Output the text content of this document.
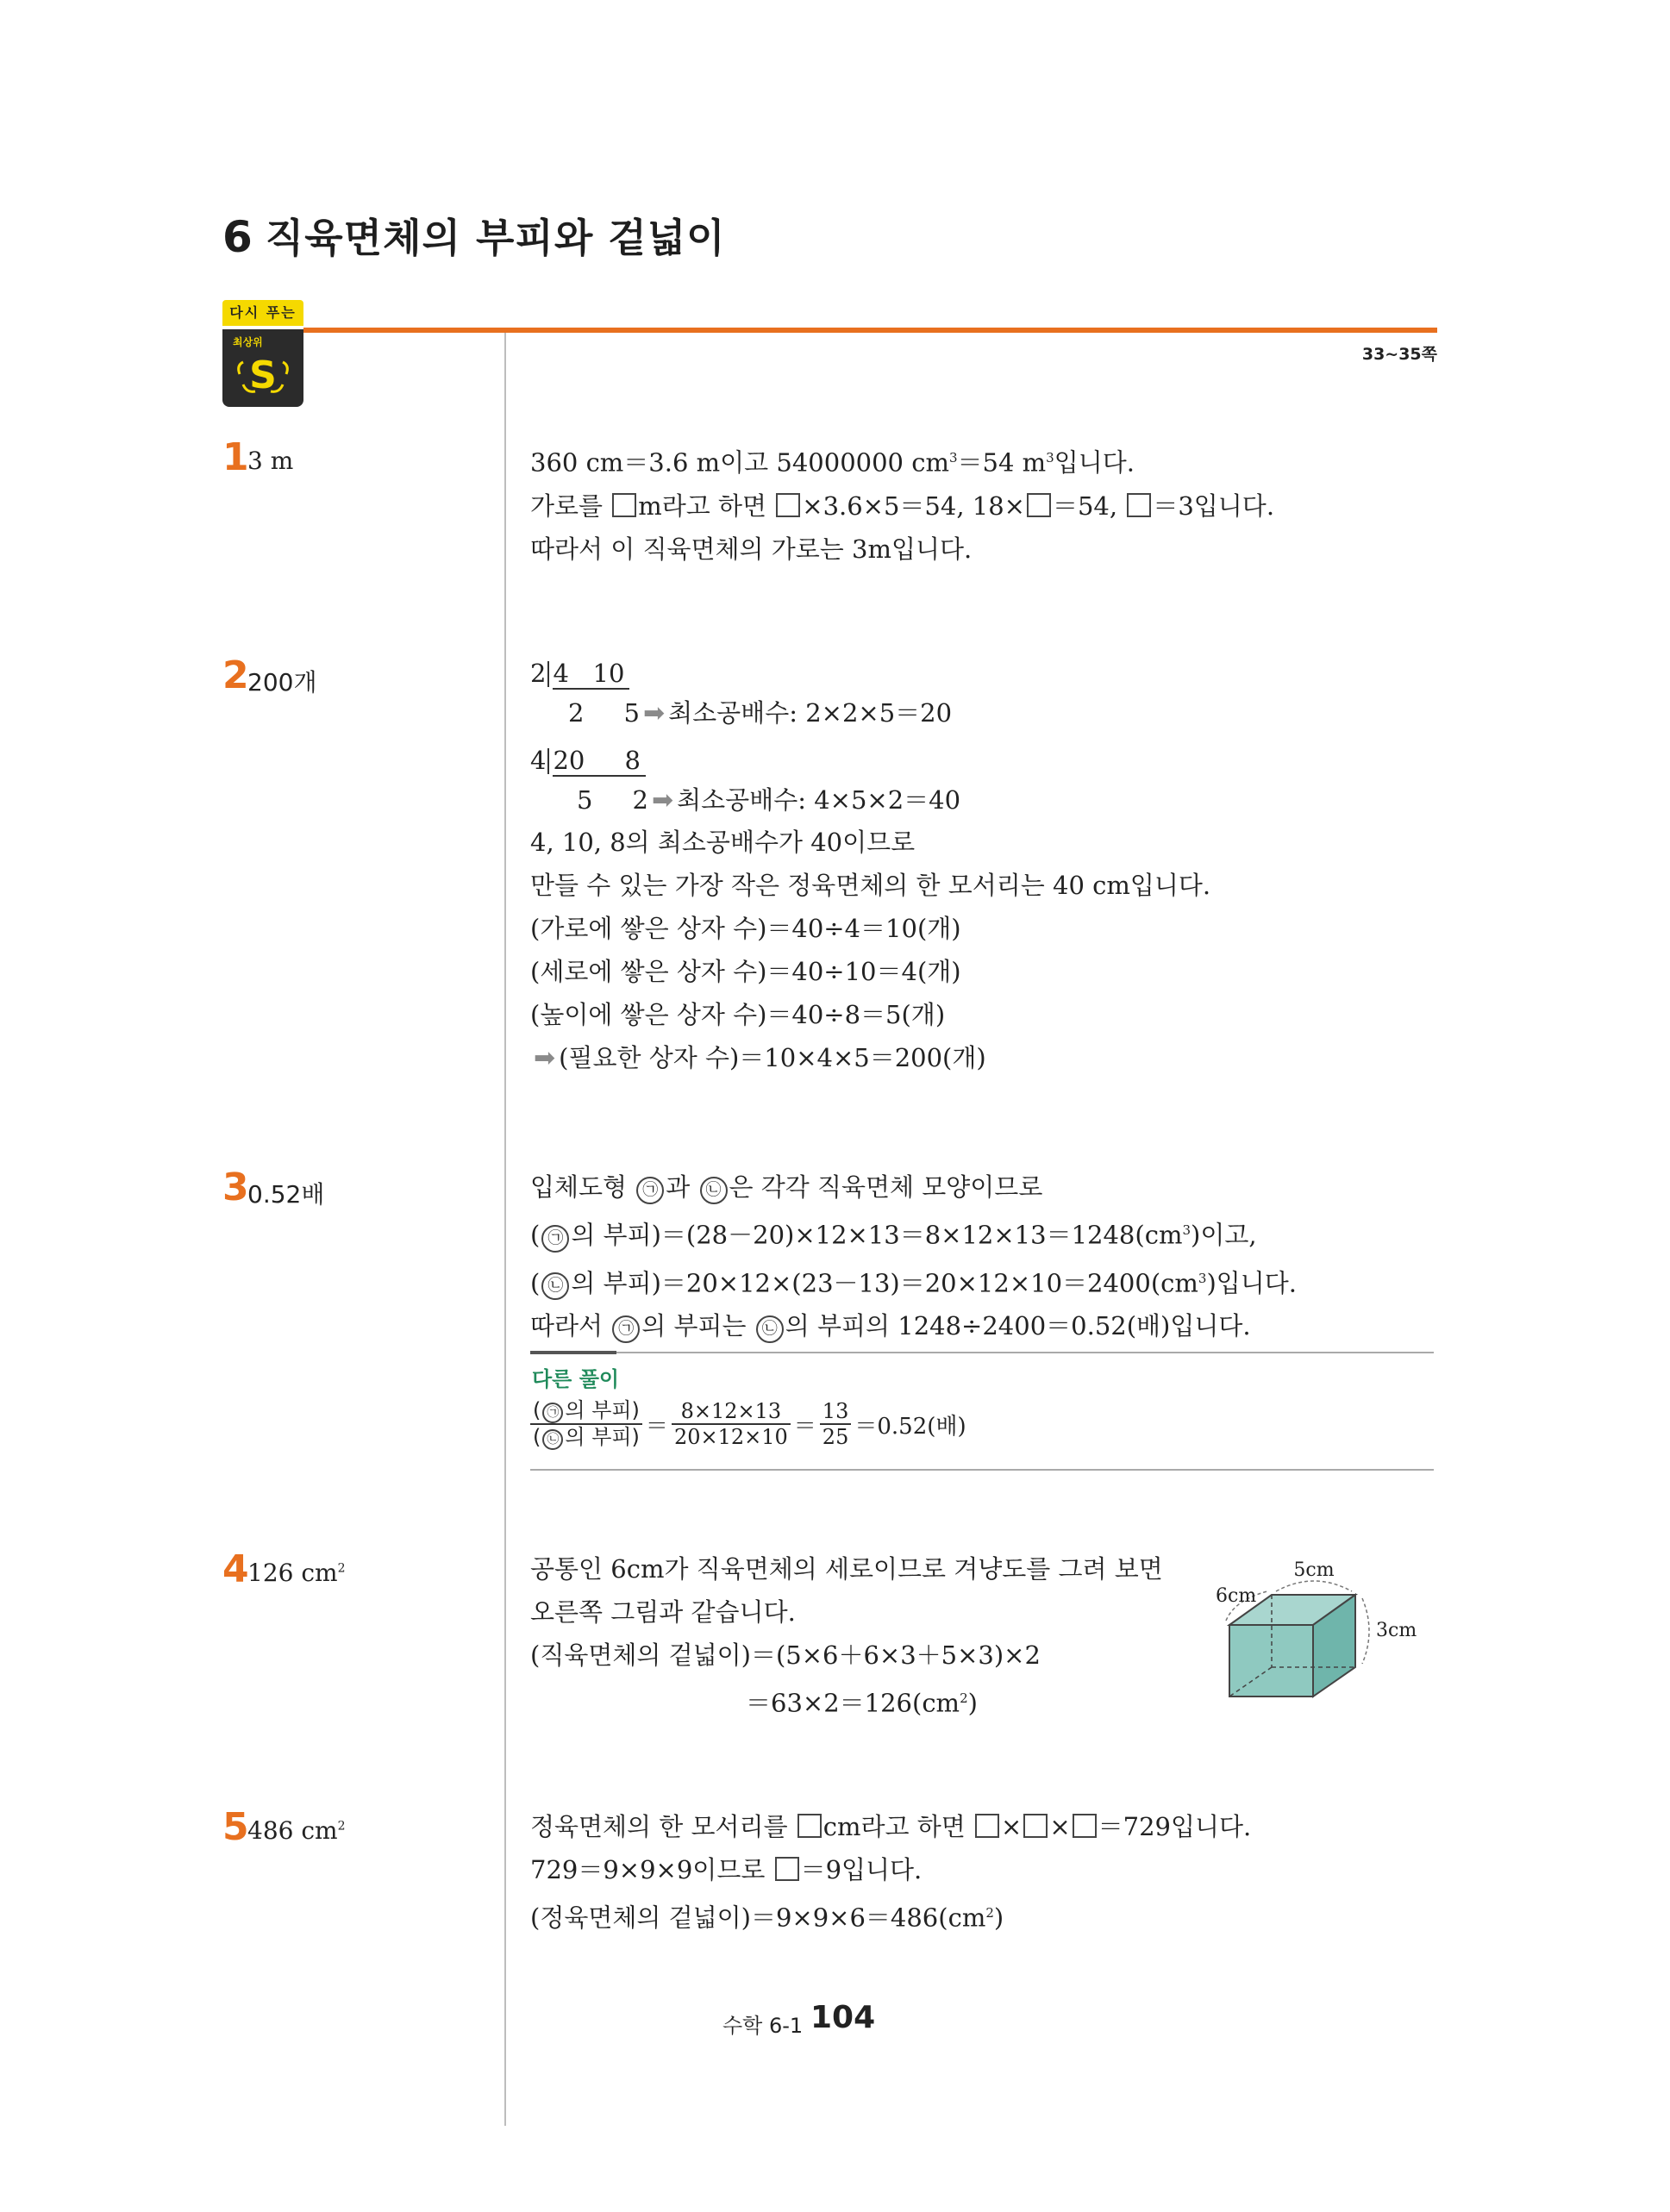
6 직육면체의 부피와 겉넓이
다시 푸는
최상위
S	33~35쪽
1
3 m	360 cm＝3.6 m이고 54000000 $cm^3=54$ $m^3$입니다.
가로를 m라고 하면 ×3.6×5＝54, 18× ＝54, ＝3입니다.
따라서 이 직육면체의 가로는 3m입니다.
2
200개	2 4   10
2     5 ➡ 최소공배수: 2×2×5＝20
4 20     8
5     2 ➡ 최소공배수: 4×5×2＝40
4, 10, 8의 최소공배수가 40이므로
만들 수 있는 가장 작은 정육면체의 한 모서리는 40 cm입니다.
(가로에 쌓은 상자 수)＝40÷4＝10(개)
(세로에 쌓은 상자 수)＝40÷10＝4(개)
(높이에 쌓은 상자 수)＝40÷8＝5(개)
➡ (필요한 상자 수)＝10×4×5＝200(개)
3
0.52배	입체도형 ㉠ 과 ㉡ 은 각각 직육면체 모양이므로
( ㉠ 의 부피)$=(28-20)\times 12\times 13=8\times 12\times 13=1248(cm^3)$이고,
( ㉡ 의 부피)$=20\times 12\times(23-13)=20\times 12\times 10=2400(cm^3)$입니다.
따라서 ㉠ 의 부피는 ㉡ 의 부피의 1248÷2400＝0.52(배)입니다.
다른 풀이
$\frac{\text{( ㉠ 의 부피)}}{\text{( ㉡ 의 부피)}} = \frac{8\times 12\times 13}{20\times 12\times 10} = \frac{13}{25} =0.52$(배)
4
126 $cm^2$	공통인 6cm가 직육면체의 세로이므로 겨냥도를 그려 보면
오른쪽 그림과 같습니다.
(직육면체의 겉넓이)＝(5×6＋6×3＋5×3)×2
$=63\times 2=126(cm^2)$
5cm
6cm
3cm
5
486 $cm^2$	정육면체의 한 모서리를 cm라고 하면 × × ＝729입니다.
729＝9×9×9이므로 ＝9입니다.
(정육면체의 겉넓이)$=9\times 9\times 6=486(cm^2)$
수학 6-1 104
